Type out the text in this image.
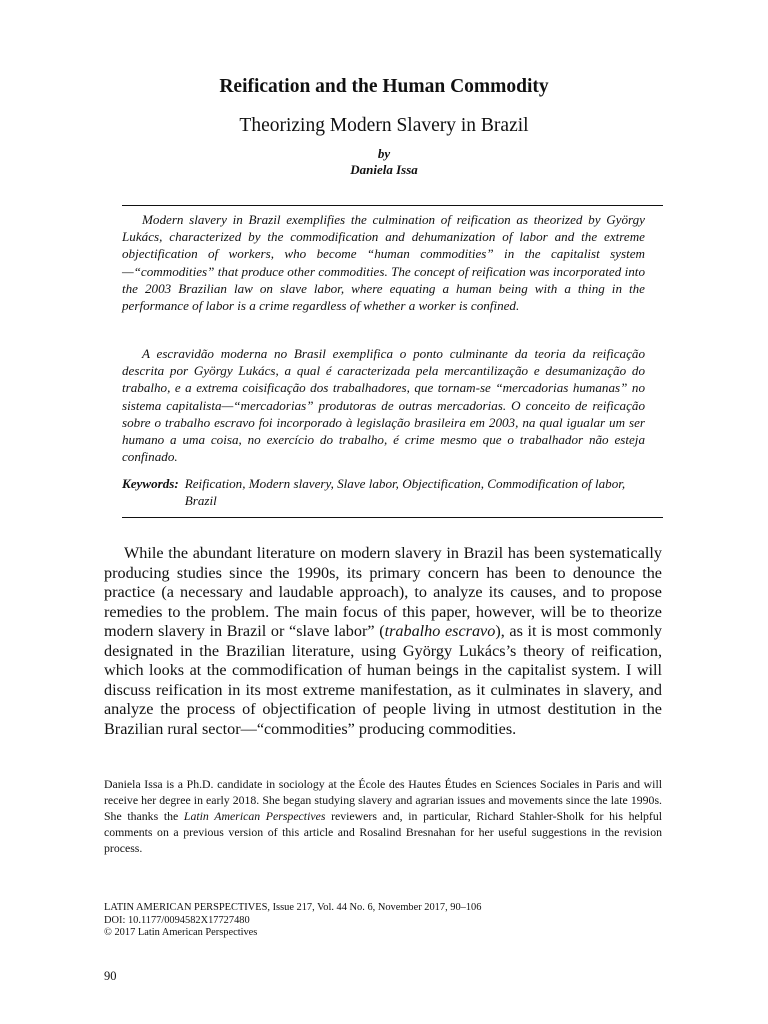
Reification and the Human Commodity
Theorizing Modern Slavery in Brazil
by
Daniela Issa

Modern slavery in Brazil exemplifies the culmination of reification as theorized by György Lukács, characterized by the commodification and dehumanization of labor and the extreme objectification of workers, who become “human commodities” in the capitalist system—“commodities” that produce other commodities. The concept of reification was incorporated into the 2003 Brazilian law on slave labor, where equating a human being with a thing in the performance of labor is a crime regardless of whether a worker is confined.

A escravidão moderna no Brasil exemplifica o ponto culminante da teoria da reificação descrita por György Lukács, a qual é caracterizada pela mercantilização e desumanização do trabalho, e a extrema coisificação dos trabalhadores, que tornam-se “mercadorias humanas” no sistema capitalista—“mercadorias” produtoras de outras mercadorias. O conceito de reificação sobre o trabalho escravo foi incorporado à legislação brasileira em 2003, na qual igualar um ser humano a uma coisa, no exercício do trabalho, é crime mesmo que o trabalhador não esteja confinado.

Keywords: Reification, Modern slavery, Slave labor, Objectification, Commodification of labor, Brazil

While the abundant literature on modern slavery in Brazil has been systematically producing studies since the 1990s, its primary concern has been to denounce the practice (a necessary and laudable approach), to analyze its causes, and to propose remedies to the problem. The main focus of this paper, however, will be to theorize modern slavery in Brazil or “slave labor” (trabalho escravo), as it is most commonly designated in the Brazilian literature, using György Lukács’s theory of reification, which looks at the commodification of human beings in the capitalist system. I will discuss reification in its most extreme manifestation, as it culminates in slavery, and analyze the process of objectification of people living in utmost destitution in the Brazilian rural sector—“commodities” producing commodities.

Daniela Issa is a Ph.D. candidate in sociology at the École des Hautes Études en Sciences Sociales in Paris and will receive her degree in early 2018. She began studying slavery and agrarian issues and movements since the late 1990s. She thanks the Latin American Perspectives reviewers and, in particular, Richard Stahler-Sholk for his helpful comments on a previous version of this article and Rosalind Bresnahan for her useful suggestions in the revision process.

LATIN AMERICAN PERSPECTIVES, Issue 217, Vol. 44 No. 6, November 2017, 90–106
DOI: 10.1177/0094582X17727480
© 2017 Latin American Perspectives
90
